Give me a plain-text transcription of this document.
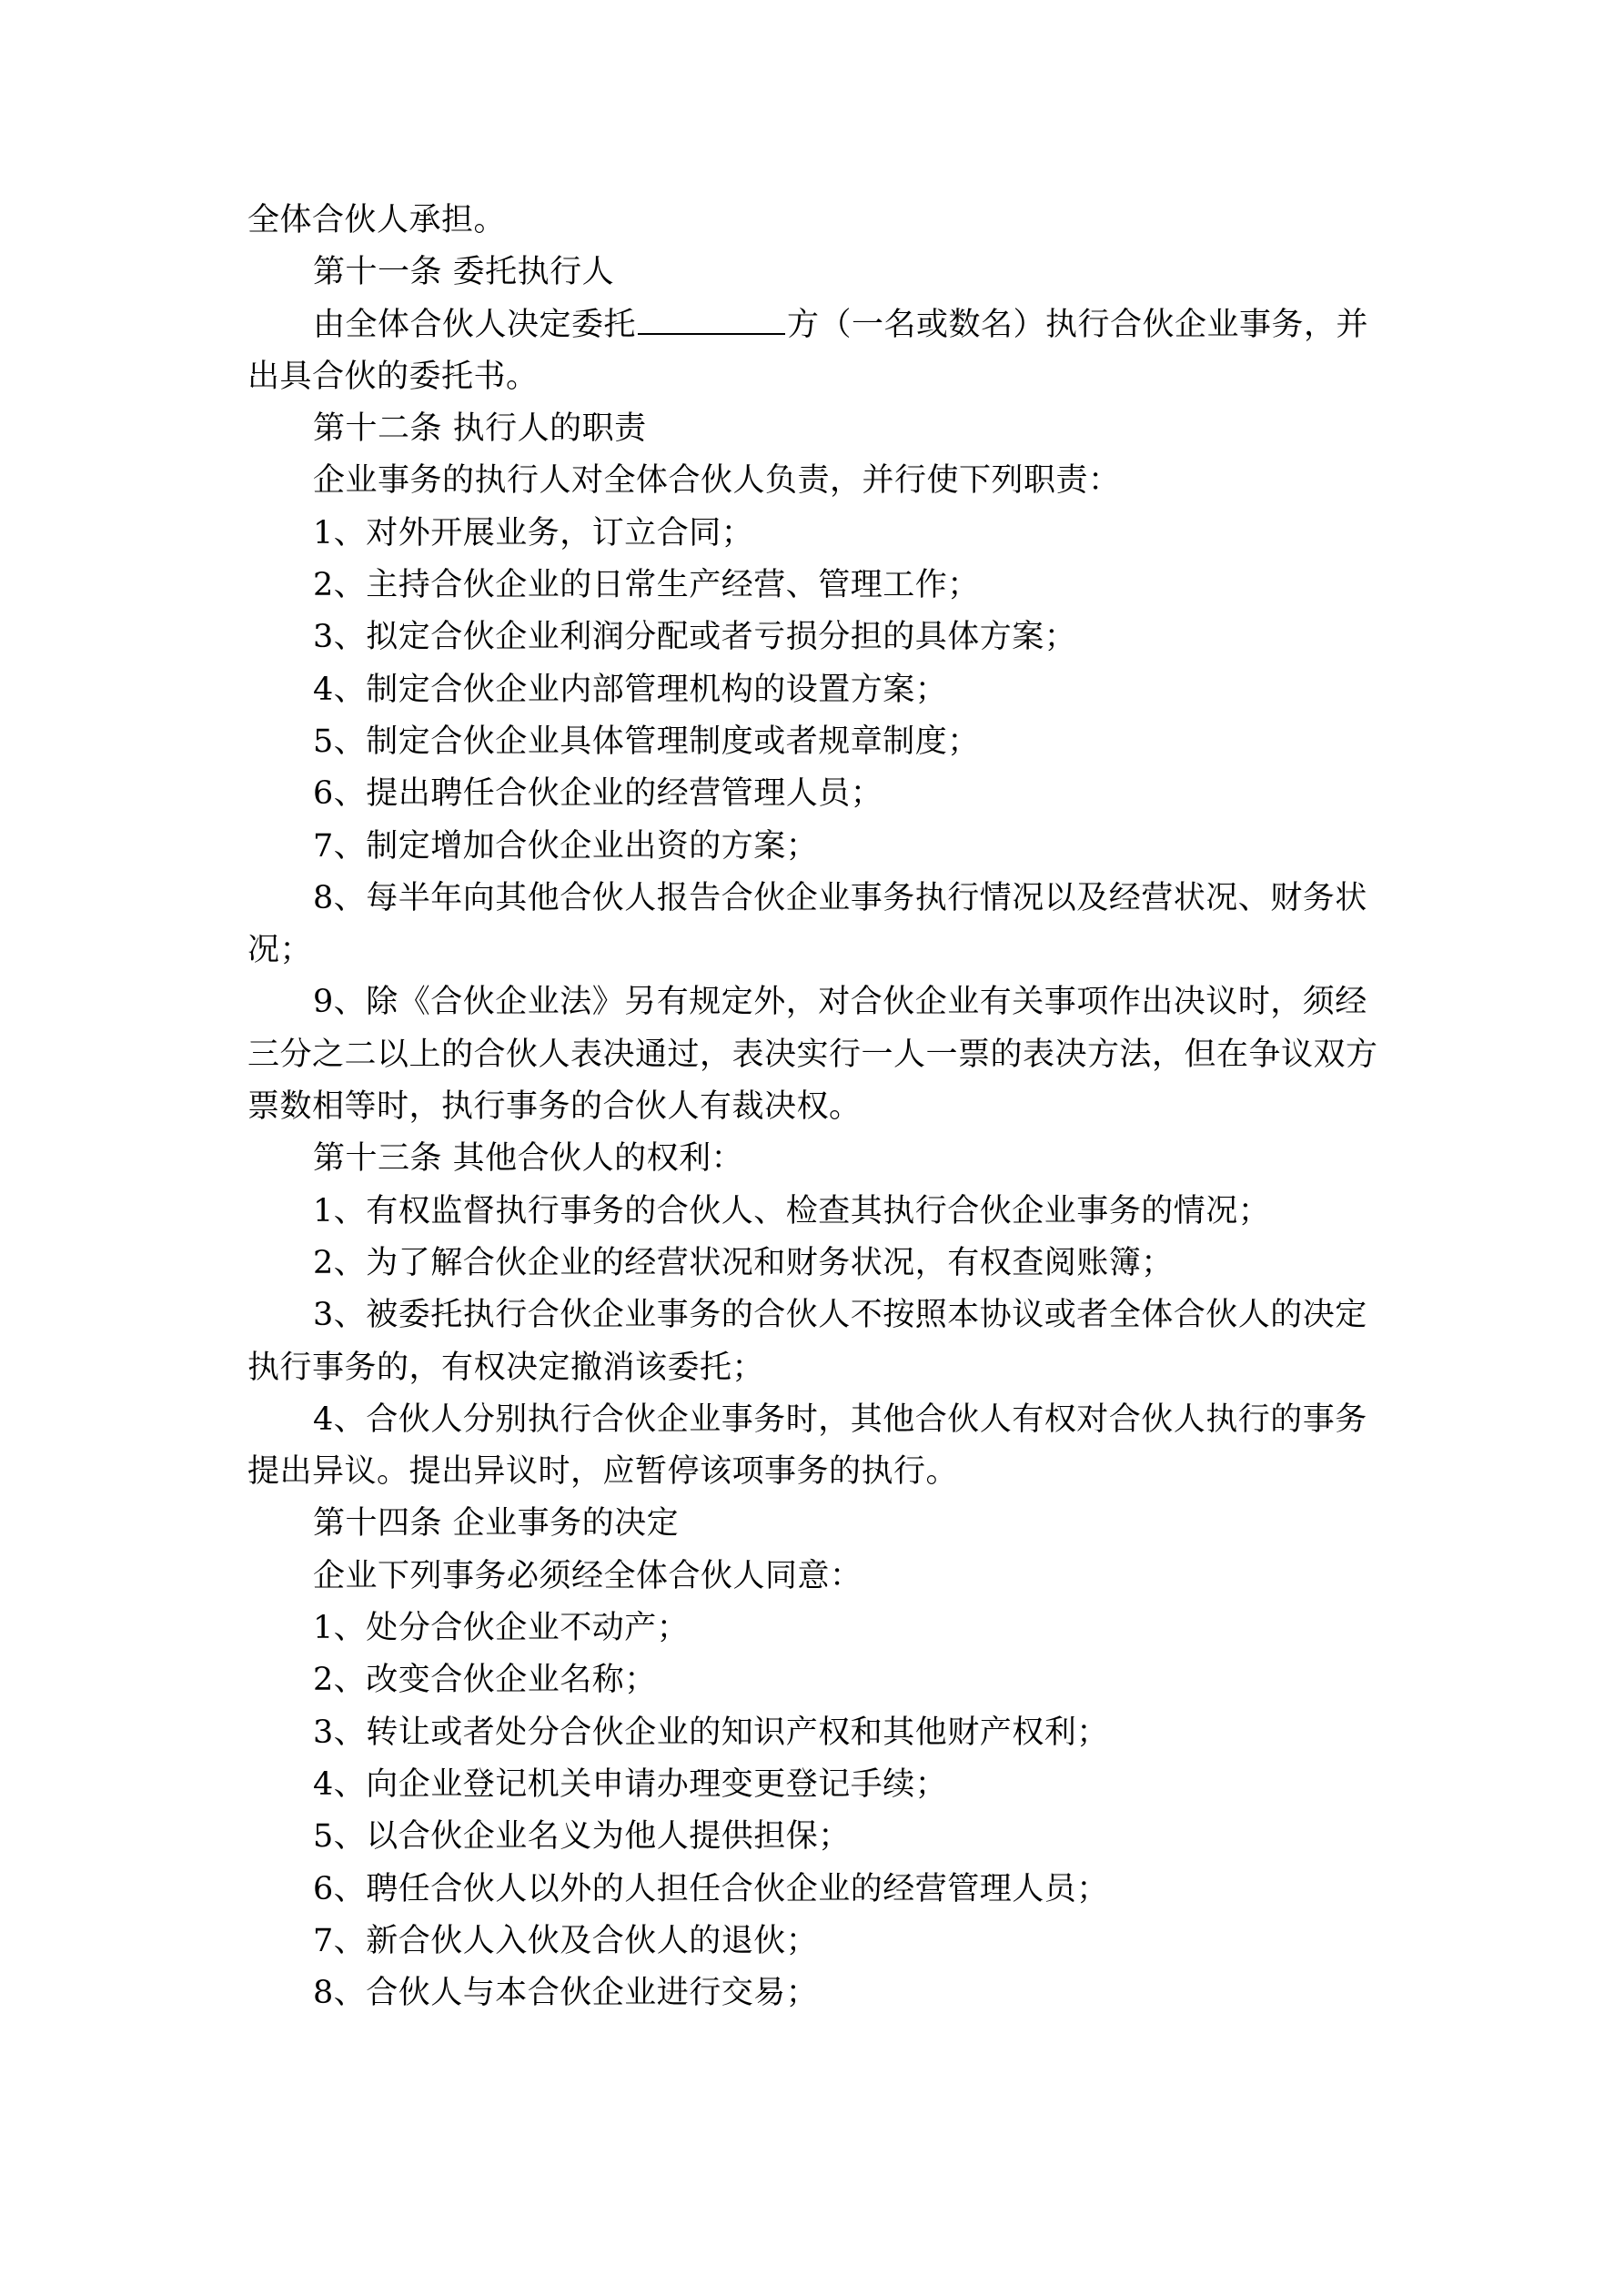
全体合伙人承担。
第十一条 委托执行人
由全体合伙人决定委托	方（一名或数名）执行合伙企业事务，并
出具合伙的委托书。
第十二条 执行人的职责
企业事务的执行人对全体合伙人负责，并行使下列职责：
1、对外开展业务，订立合同；
2、主持合伙企业的日常生产经营、管理工作；
3、拟定合伙企业利润分配或者亏损分担的具体方案；
4、制定合伙企业内部管理机构的设置方案；
5、制定合伙企业具体管理制度或者规章制度；
6、提出聘任合伙企业的经营管理人员；
7、制定增加合伙企业出资的方案；
8、每半年向其他合伙人报告合伙企业事务执行情况以及经营状况、财务状
况；
9、除《合伙企业法》另有规定外，对合伙企业有关事项作出决议时，须经
三分之二以上的合伙人表决通过，表决实行一人一票的表决方法，但在争议双方
票数相等时，执行事务的合伙人有裁决权。
第十三条 其他合伙人的权利：
1、有权监督执行事务的合伙人、检查其执行合伙企业事务的情况；
2、为了解合伙企业的经营状况和财务状况，有权查阅账簿；
3、被委托执行合伙企业事务的合伙人不按照本协议或者全体合伙人的决定
执行事务的，有权决定撤消该委托；
4、合伙人分别执行合伙企业事务时，其他合伙人有权对合伙人执行的事务
提出异议。提出异议时，应暂停该项事务的执行。
第十四条 企业事务的决定
企业下列事务必须经全体合伙人同意：
1、处分合伙企业不动产；
2、改变合伙企业名称；
3、转让或者处分合伙企业的知识产权和其他财产权利；
4、向企业登记机关申请办理变更登记手续；
5、以合伙企业名义为他人提供担保；
6、聘任合伙人以外的人担任合伙企业的经营管理人员；
7、新合伙人入伙及合伙人的退伙；
8、合伙人与本合伙企业进行交易；
